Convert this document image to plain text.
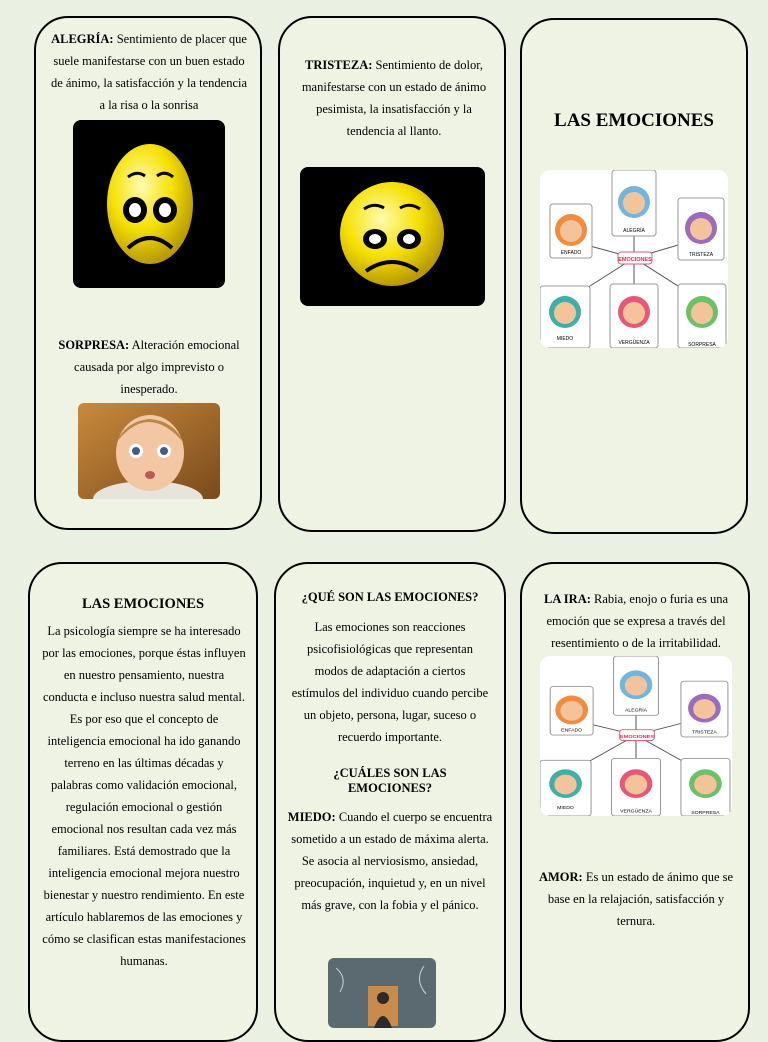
ALEGRÍA: Sentimiento de placer que suele manifestarse con un buen estado de ánimo, la satisfacción y la tendencia a la risa o la sonrisa
SORPRESA: Alteración emocional causada por algo imprevisto o inesperado.
TRISTEZA: Sentimiento de dolor, manifestarse con un estado de ánimo pesimista, la insatisfacción y la tendencia al llanto.	LAS EMOCIONES
EMOCIONES
ENFADO
ALEGRÍA
TRISTEZA
MIEDO
VERGÜENZA	SORPRESA
LAS EMOCIONES
La psicología siempre se ha interesado por las emociones, porque éstas influyen en nuestro pensamiento, nuestra conducta e incluso nuestra salud mental. Es por eso que el concepto de inteligencia emocional ha ido ganando terreno en las últimas décadas y palabras como validación emocional, regulación emocional o gestión emocional nos resultan cada vez más familiares. Está demostrado que la inteligencia emocional mejora nuestro bienestar y nuestro rendimiento. En este artículo hablaremos de las emociones y cómo se clasifican estas manifestaciones humanas.
¿QUÉ SON LAS EMOCIONES?
Las emociones son reacciones psicofisiológicas que representan modos de adaptación a ciertos estímulos del individuo cuando percibe un objeto, persona, lugar, suceso o recuerdo importante.
¿CUÁLES SON LAS EMOCIONES?
MIEDO: Cuando el cuerpo se encuentra sometido a un estado de máxima alerta. Se asocia al nerviosismo, ansiedad, preocupación, inquietud y, en un nivel más grave, con la fobia y el pánico.
LA IRA: Rabia, enojo o furia es una emoción que se expresa a través del resentimiento o de la irritabilidad.
EMOCIONES
ENFADO
ALEGRÍA
TRISTEZA
MIEDO
VERGÜENZA	SORPRESA
AMOR: Es un estado de ánimo que se base en la relajación, satisfacción y ternura.
